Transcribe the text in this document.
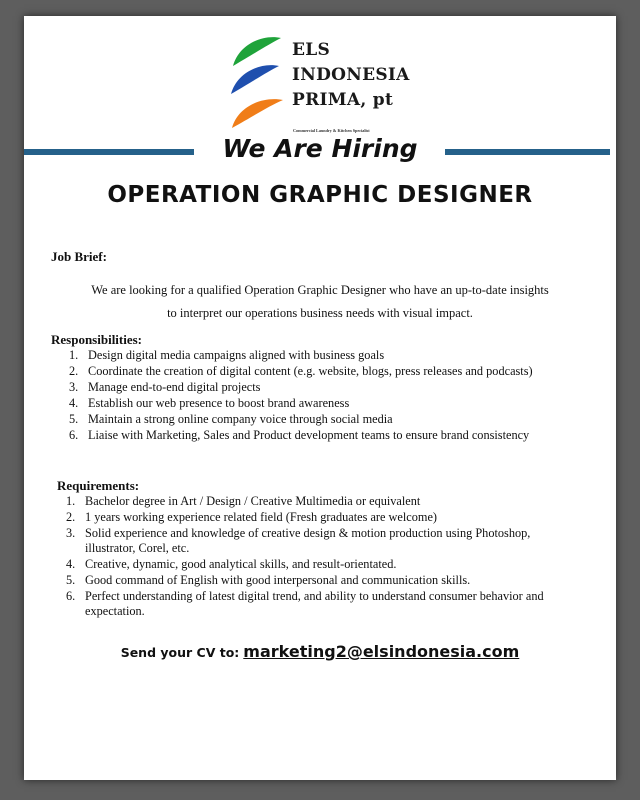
ELS
INDONESIA
PRIMA, pt
Commercial Laundry & Kitchen Specialist
We Are Hiring
OPERATION GRAPHIC DESIGNER
Job Brief:
We are looking for a qualified Operation Graphic Designer who have an up-to-date insights
to interpret our operations business needs with visual impact.
Responsibilities:
1. Design digital media campaigns aligned with business goals
2. Coordinate the creation of digital content (e.g. website, blogs, press releases and podcasts)
3. Manage end-to-end digital projects
4. Establish our web presence to boost brand awareness
5. Maintain a strong online company voice through social media
6. Liaise with Marketing, Sales and Product development teams to ensure brand consistency
Requirements:
1. Bachelor degree in Art / Design / Creative Multimedia or equivalent
2. 1 years working experience related field (Fresh graduates are welcome)
3. Solid experience and knowledge of creative design & motion production using Photoshop, illustrator, Corel, etc.
4. Creative, dynamic, good analytical skills, and result-orientated.
5. Good command of English with good interpersonal and communication skills.
6. Perfect understanding of latest digital trend, and ability to understand consumer behavior and expectation.
Send your CV to: marketing2@elsindonesia.com
